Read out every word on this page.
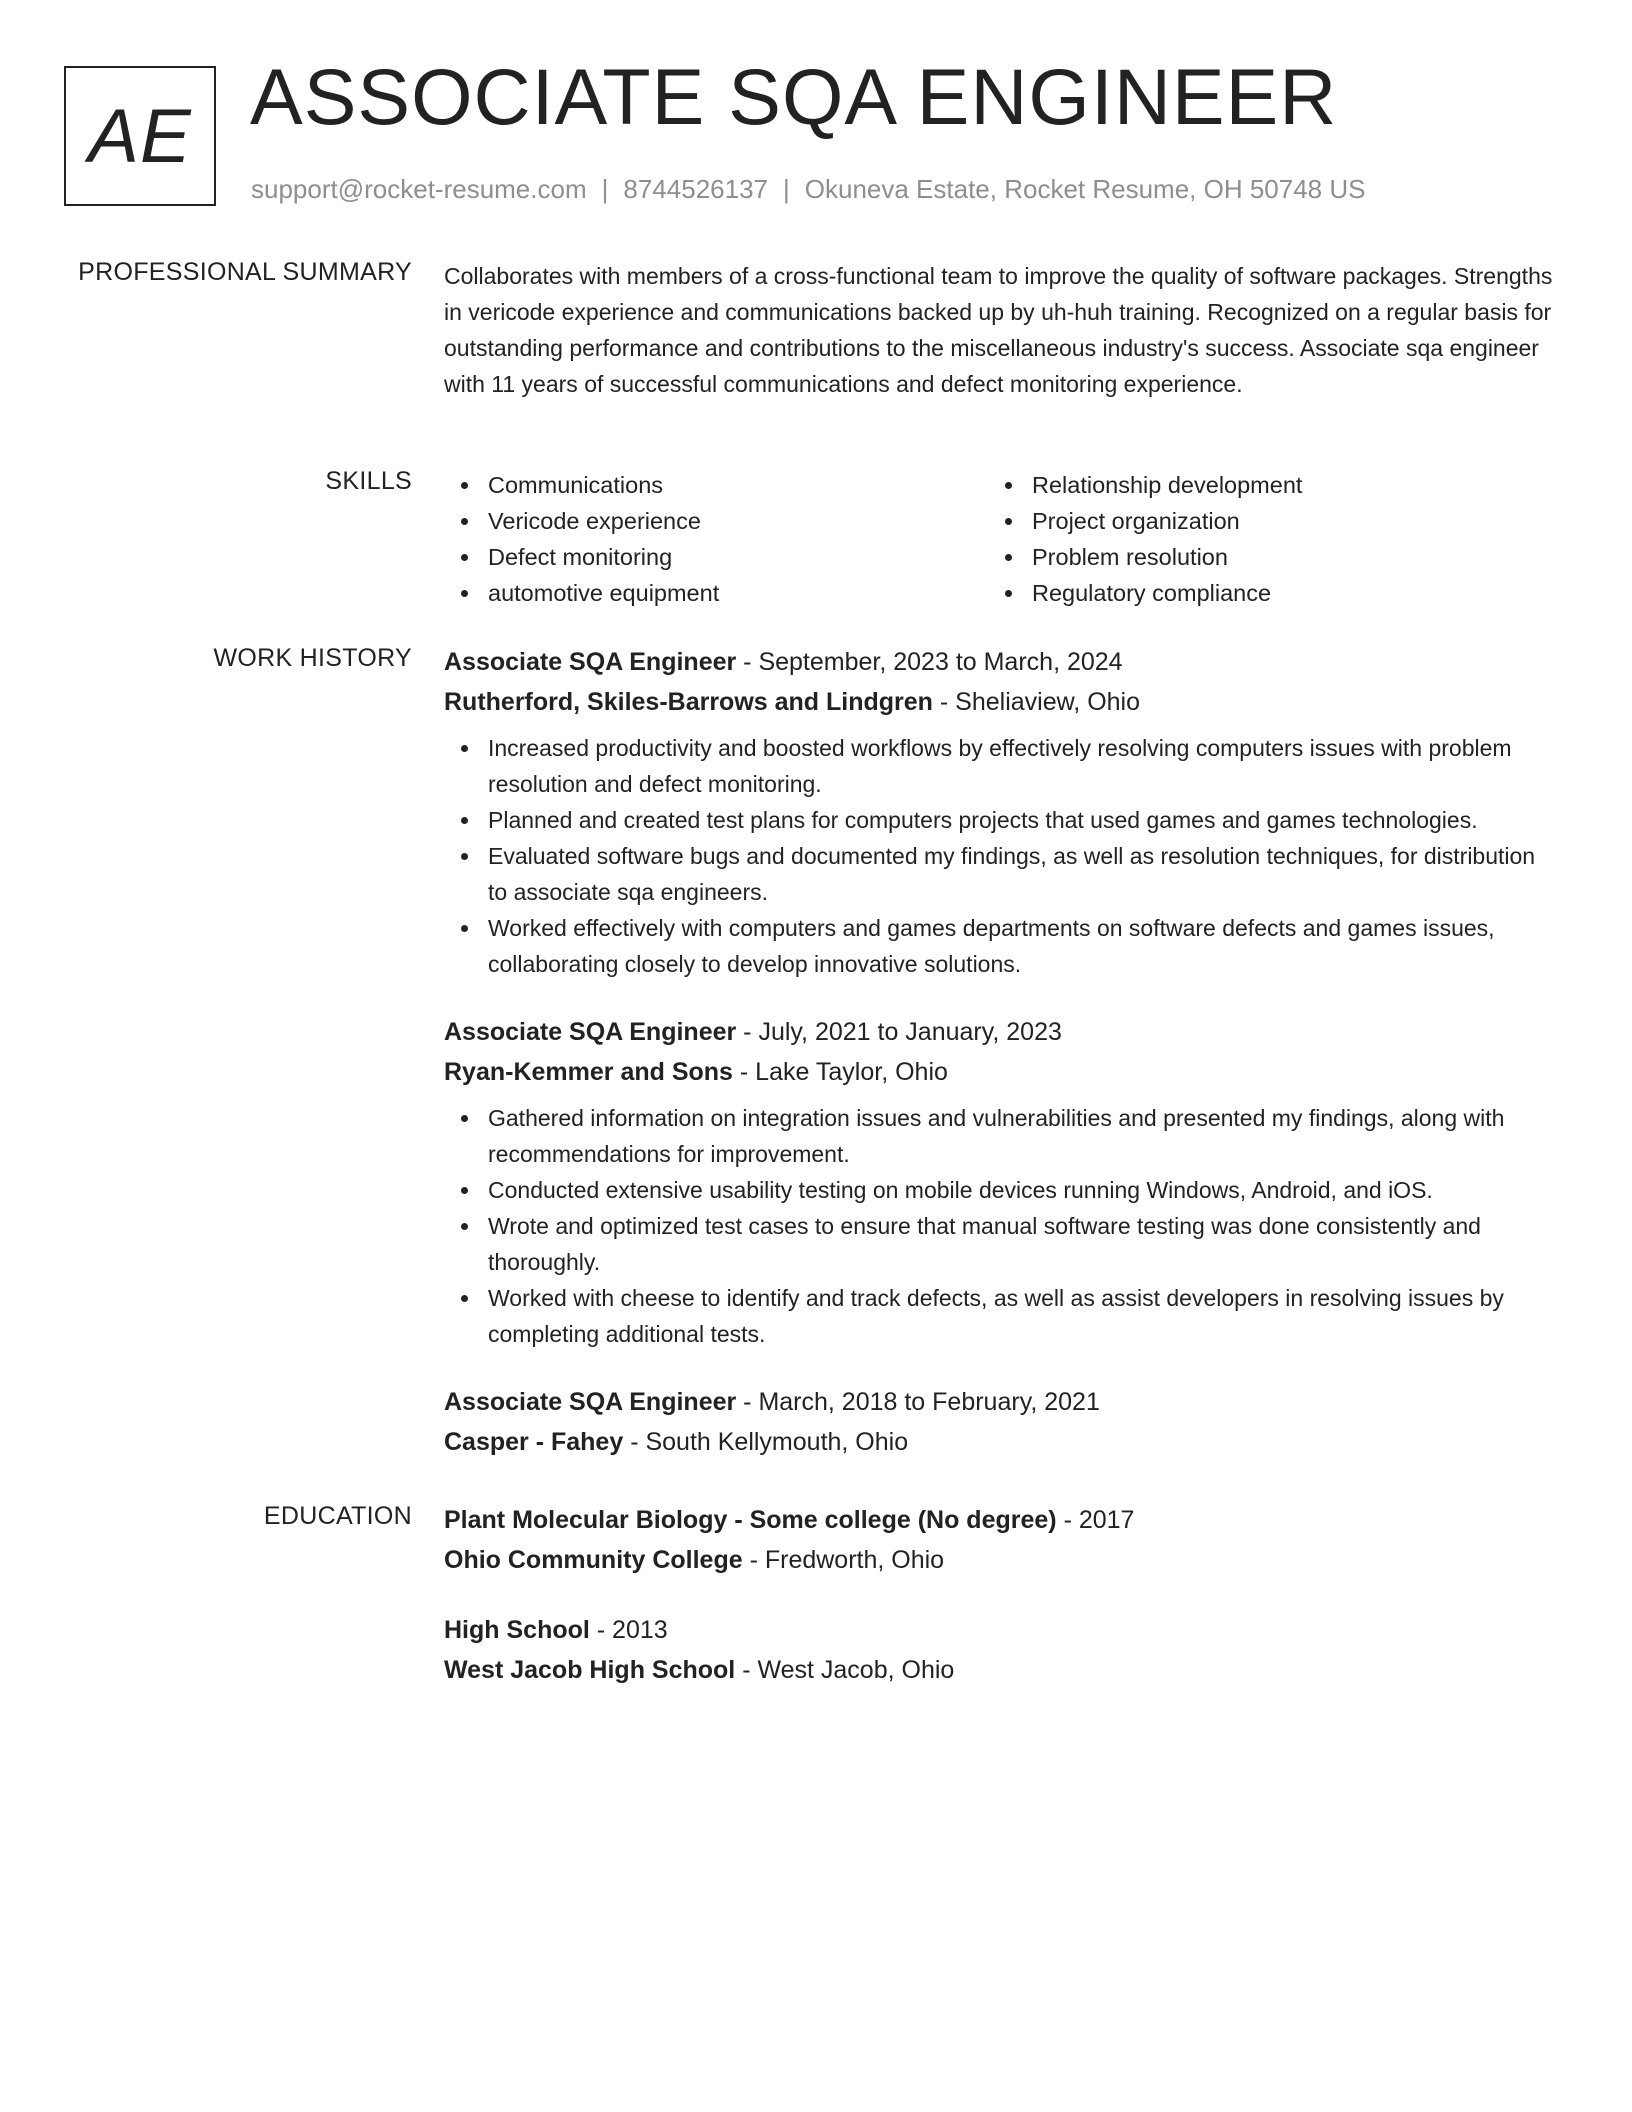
AE ASSOCIATE SQA ENGINEER
support@rocket-resume.com | 8744526137 | Okuneva Estate, Rocket Resume, OH 50748 US
PROFESSIONAL SUMMARY Collaborates with members of a cross-functional team to improve the quality of software packages. Strengths in vericode experience and communications backed up by uh-huh training. Recognized on a regular basis for outstanding performance and contributions to the miscellaneous industry's success. Associate sqa engineer with 11 years of successful communications and defect monitoring experience.

SKILLS	Communications
Vericode experience
Defect monitoring
automotive equipment
Relationship development
Project organization
Problem resolution
Regulatory compliance
WORK HISTORY Associate SQA Engineer - September, 2023 to March, 2024
Rutherford, Skiles-Barrows and Lindgren - Sheliaview, Ohio
Increased productivity and boosted workflows by effectively resolving computers issues with problem resolution and defect monitoring.
Planned and created test plans for computers projects that used games and games technologies.
Evaluated software bugs and documented my findings, as well as resolution techniques, for distribution to associate sqa engineers.
Worked effectively with computers and games departments on software defects and games issues, collaborating closely to develop innovative solutions.
Associate SQA Engineer - July, 2021 to January, 2023
Ryan-Kemmer and Sons - Lake Taylor, Ohio
Gathered information on integration issues and vulnerabilities and presented my findings, along with recommendations for improvement.
Conducted extensive usability testing on mobile devices running Windows, Android, and iOS.
Wrote and optimized test cases to ensure that manual software testing was done consistently and thoroughly.
Worked with cheese to identify and track defects, as well as assist developers in resolving issues by completing additional tests.
Associate SQA Engineer - March, 2018 to February, 2021
Casper - Fahey - South Kellymouth, Ohio
EDUCATION Plant Molecular Biology - Some college (No degree) - 2017
Ohio Community College - Fredworth, Ohio
High School - 2013
West Jacob High School - West Jacob, Ohio
